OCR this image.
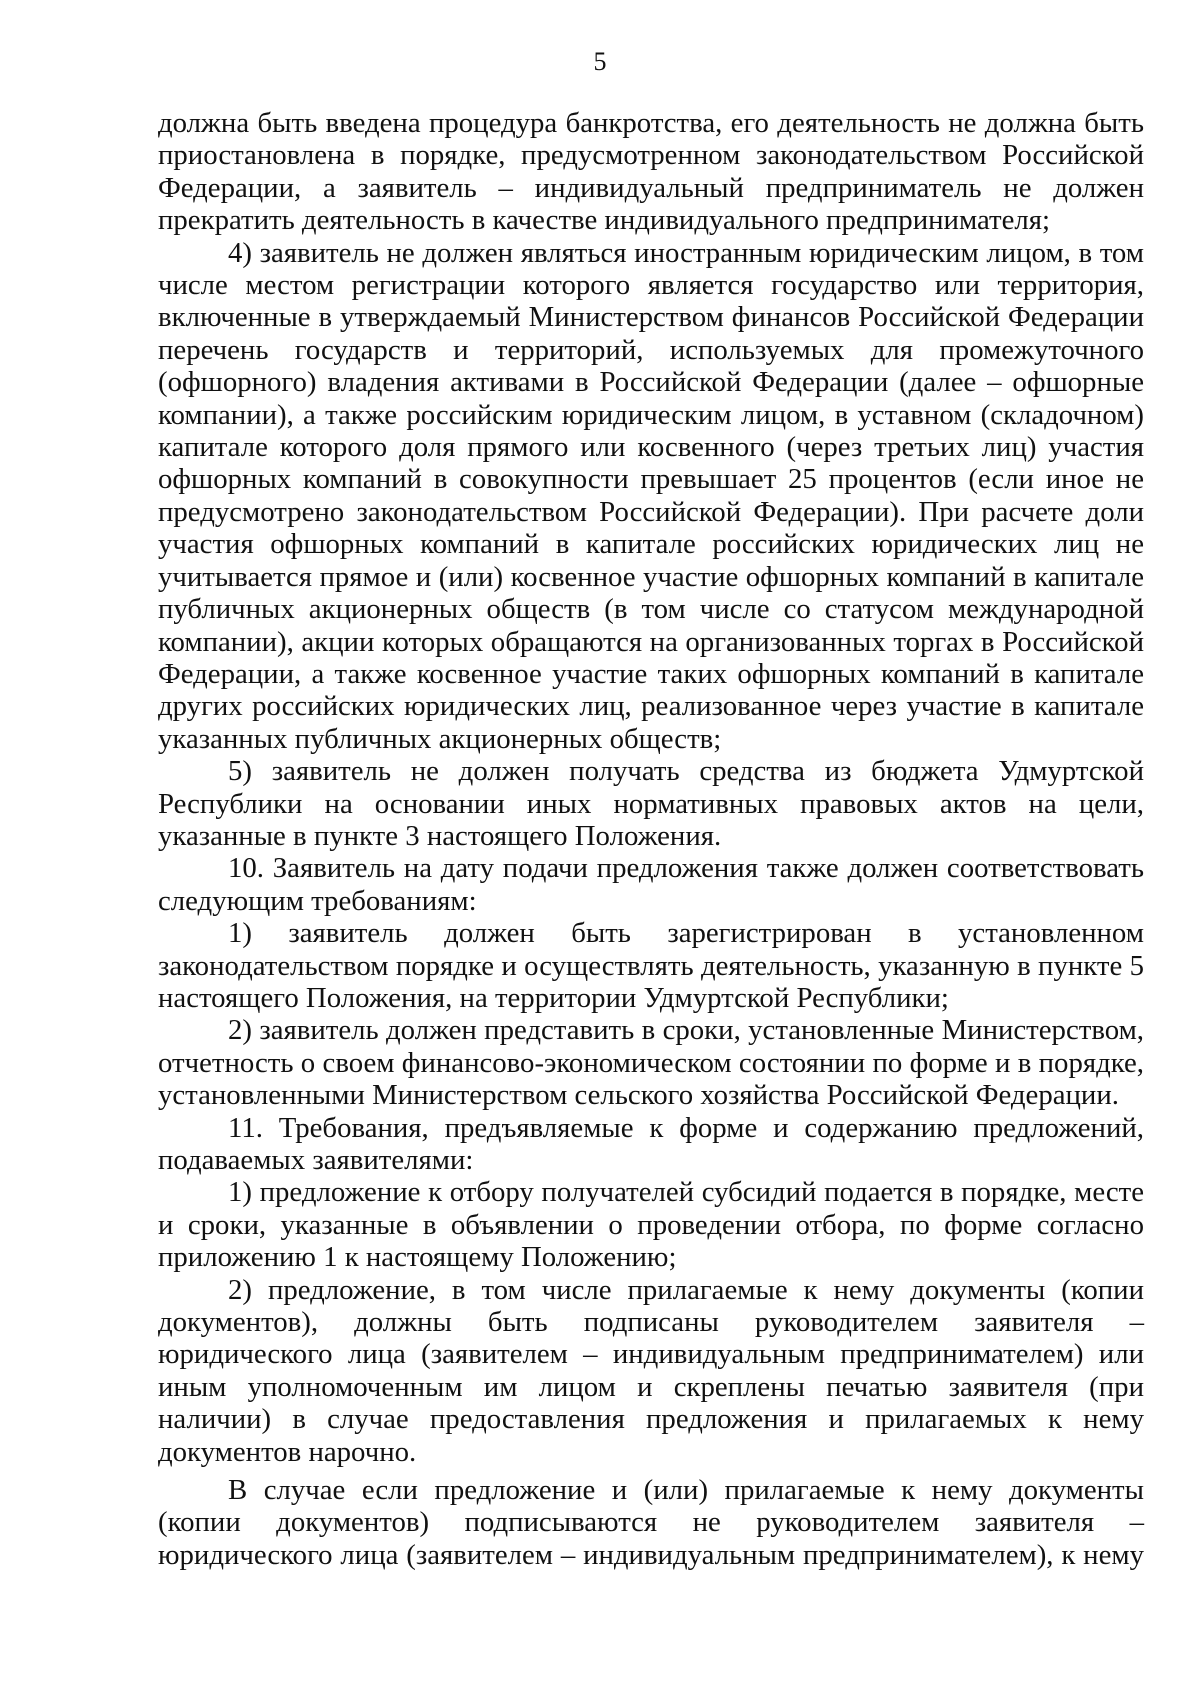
5

должна быть введена процедура банкротства, его деятельность не должна быть приостановлена в порядке, предусмотренном законодательством Российской Федерации, а заявитель – индивидуальный предприниматель не должен прекратить деятельность в качестве индивидуального предпринимателя;

4) заявитель не должен являться иностранным юридическим лицом, в том числе местом регистрации которого является государство или территория, включенные в утверждаемый Министерством финансов Российской Федерации перечень государств и территорий, используемых для промежуточного (офшорного) владения активами в Российской Федерации (далее – офшорные компании), а также российским юридическим лицом, в уставном (складочном) капитале которого доля прямого или косвенного (через третьих лиц) участия офшорных компаний в совокупности превышает 25 процентов (если иное не предусмотрено законодательством Российской Федерации). При расчете доли участия офшорных компаний в капитале российских юридических лиц не учитывается прямое и (или) косвенное участие офшорных компаний в капитале публичных акционерных обществ (в том числе со статусом международной компании), акции которых обращаются на организованных торгах в Российской Федерации, а также косвенное участие таких офшорных компаний в капитале других российских юридических лиц, реализованное через участие в капитале указанных публичных акционерных обществ;

5) заявитель не должен получать средства из бюджета Удмуртской Республики на основании иных нормативных правовых актов на цели, указанные в пункте 3 настоящего Положения.

10. Заявитель на дату подачи предложения также должен соответствовать следующим требованиям:

1) заявитель должен быть зарегистрирован в установленном законодательством порядке и осуществлять деятельность, указанную в пункте 5 настоящего Положения, на территории Удмуртской Республики;

2) заявитель должен представить в сроки, установленные Министерством, отчетность о своем финансово-экономическом состоянии по форме и в порядке, установленными Министерством сельского хозяйства Российской Федерации.

11. Требования, предъявляемые к форме и содержанию предложений, подаваемых заявителями:

1) предложение к отбору получателей субсидий подается в порядке, месте и сроки, указанные в объявлении о проведении отбора, по форме согласно приложению 1 к настоящему Положению;

2) предложение, в том числе прилагаемые к нему документы (копии документов), должны быть подписаны руководителем заявителя – юридического лица (заявителем – индивидуальным предпринимателем) или иным уполномоченным им лицом и скреплены печатью заявителя (при наличии) в случае предоставления предложения и прилагаемых к нему документов нарочно.

В случае если предложение и (или) прилагаемые к нему документы (копии документов) подписываются не руководителем заявителя – юридического лица (заявителем – индивидуальным предпринимателем), к нему
